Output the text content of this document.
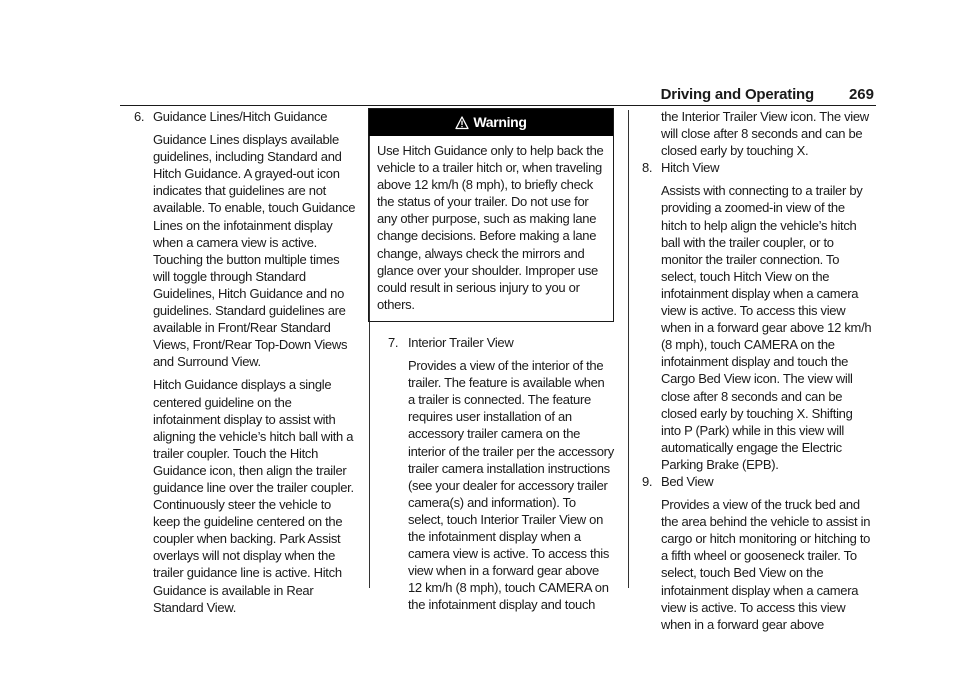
Driving and Operating 269
6. Guidance Lines/Hitch Guidance

Guidance Lines displays available guidelines, including Standard and Hitch Guidance. A grayed-out icon indicates that guidelines are not available. To enable, touch Guidance Lines on the infotainment display when a camera view is active. Touching the button multiple times will toggle through Standard Guidelines, Hitch Guidance and no guidelines. Standard guidelines are available in Front/Rear Standard Views, Front/Rear Top-Down Views and Surround View.

Hitch Guidance displays a single centered guideline on the infotainment display to assist with aligning the vehicle’s hitch ball with a trailer coupler. Touch the Hitch Guidance icon, then align the trailer guidance line over the trailer coupler. Continuously steer the vehicle to keep the guideline centered on the coupler when backing. Park Assist overlays will not display when the trailer guidance line is active. Hitch Guidance is available in Rear Standard View.

Warning

Use Hitch Guidance only to help back the vehicle to a trailer hitch or, when traveling above 12 km/h (8 mph), to briefly check the status of your trailer. Do not use for any other purpose, such as making lane change decisions. Before making a lane change, always check the mirrors and glance over your shoulder. Improper use could result in serious injury to you or others.

7. Interior Trailer View

Provides a view of the interior of the trailer. The feature is available when a trailer is connected. The feature requires user installation of an accessory trailer camera on the interior of the trailer per the accessory trailer camera installation instructions (see your dealer for accessory trailer camera(s) and information). To select, touch Interior Trailer View on the infotainment display when a camera view is active. To access this view when in a forward gear above 12 km/h (8 mph), touch CAMERA on the infotainment display and touch

the Interior Trailer View icon. The view will close after 8 seconds and can be closed early by touching X.

8. Hitch View

Assists with connecting to a trailer by providing a zoomed-in view of the hitch to help align the vehicle’s hitch ball with the trailer coupler, or to monitor the trailer connection. To select, touch Hitch View on the infotainment display when a camera view is active. To access this view when in a forward gear above 12 km/h (8 mph), touch CAMERA on the infotainment display and touch the Cargo Bed View icon. The view will close after 8 seconds and can be closed early by touching X. Shifting into P (Park) while in this view will automatically engage the Electric Parking Brake (EPB).

9. Bed View

Provides a view of the truck bed and the area behind the vehicle to assist in cargo or hitch monitoring or hitching to a fifth wheel or gooseneck trailer. To select, touch Bed View on the infotainment display when a camera view is active. To access this view when in a forward gear above
